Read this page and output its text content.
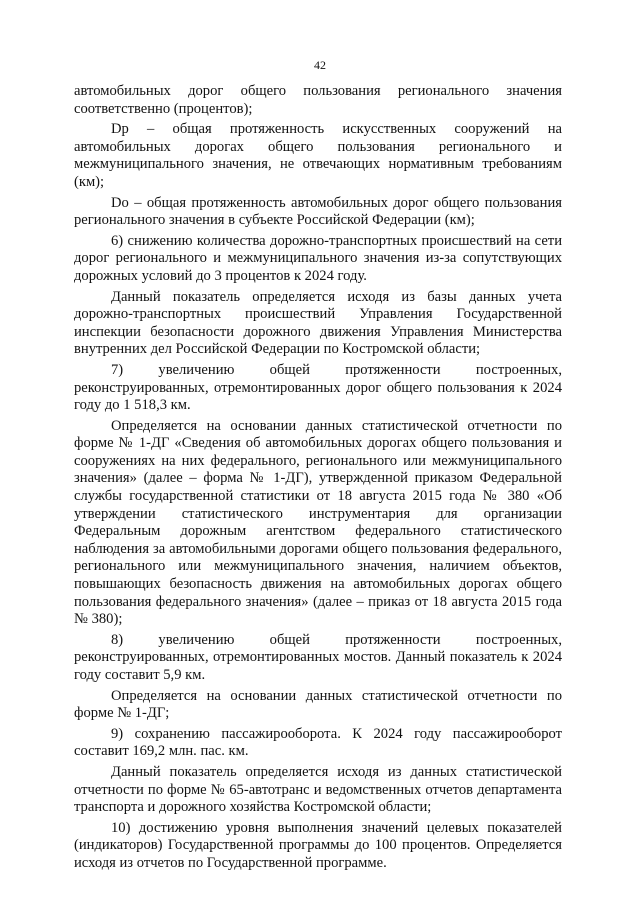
42

автомобильных дорог общего пользования регионального значения соответственно (процентов);

Dp – общая протяженность искусственных сооружений на автомобильных дорогах общего пользования регионального и межмуниципального значения, не отвечающих нормативным требованиям (км);

Do – общая протяженность автомобильных дорог общего пользования регионального значения в субъекте Российской Федерации (км);

6) снижению количества дорожно-транспортных происшествий на сети дорог регионального и межмуниципального значения из-за сопутствующих дорожных условий до 3 процентов к 2024 году.

Данный показатель определяется исходя из базы данных учета дорожно-транспортных происшествий Управления Государственной инспекции безопасности дорожного движения Управления Министерства внутренних дел Российской Федерации по Костромской области;

7) увеличению общей протяженности построенных, реконструированных, отремонтированных дорог общего пользования к 2024 году до 1 518,3 км.

Определяется на основании данных статистической отчетности по форме № 1-ДГ «Сведения об автомобильных дорогах общего пользования и сооружениях на них федерального, регионального или межмуниципального значения» (далее – форма № 1-ДГ), утвержденной приказом Федеральной службы государственной статистики от 18 августа 2015 года № 380 «Об утверждении статистического инструментария для организации Федеральным дорожным агентством федерального статистического наблюдения за автомобильными дорогами общего пользования федерального, регионального или межмуниципального значения, наличием объектов, повышающих безопасность движения на автомобильных дорогах общего пользования федерального значения» (далее – приказ от 18 августа 2015 года № 380);

8) увеличению общей протяженности построенных, реконструированных, отремонтированных мостов. Данный показатель к 2024 году составит 5,9 км.

Определяется на основании данных статистической отчетности по форме № 1-ДГ;

9) сохранению пассажирооборота. К 2024 году пассажирооборот составит 169,2 млн. пас. км.

Данный показатель определяется исходя из данных статистической отчетности по форме № 65-автотранс и ведомственных отчетов департамента транспорта и дорожного хозяйства Костромской области;

10) достижению уровня выполнения значений целевых показателей (индикаторов) Государственной программы до 100 процентов. Определяется исходя из отчетов по Государственной программе.
